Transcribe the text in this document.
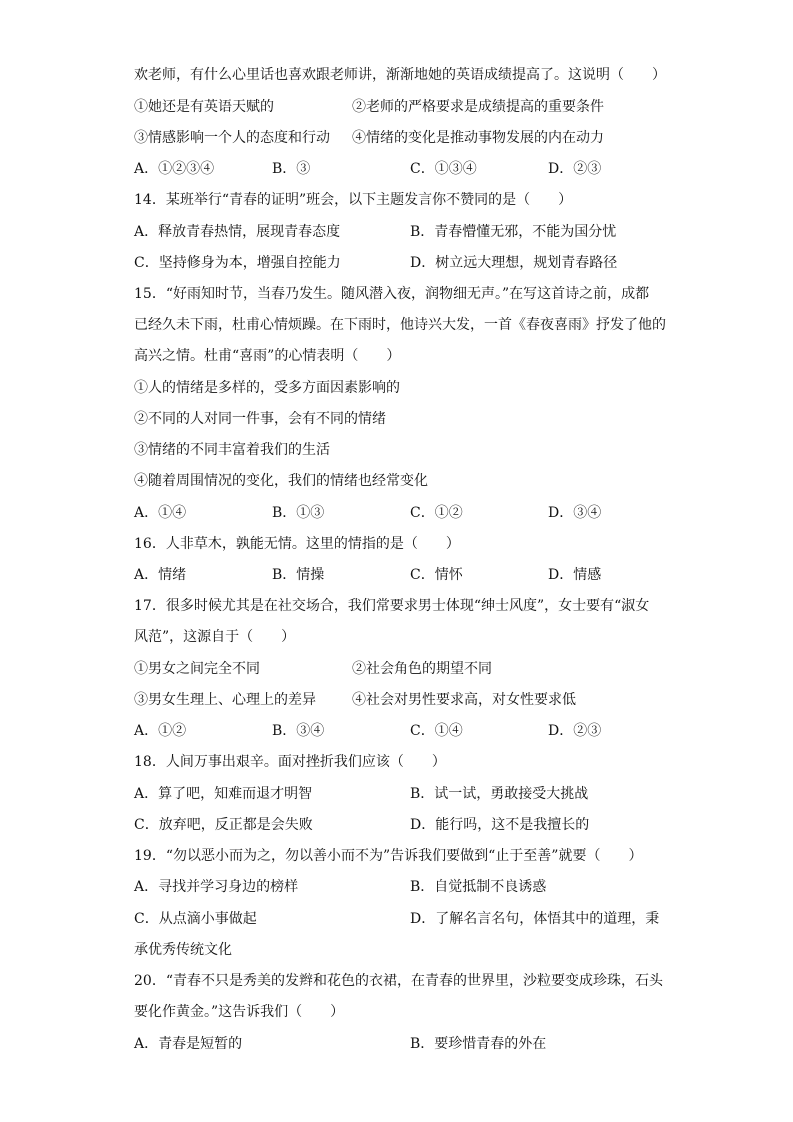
欢老师，有什么心里话也喜欢跟老师讲，渐渐地她的英语成绩提高了。这说明（　　）
①她还是有英语天赋的	②老师的严格要求是成绩提高的重要条件
③情感影响一个人的态度和行动 ④情绪的变化是推动事物发展的内在动力
A．①②③④	B．③	C．①③④	D．②③
14．某班举行“青春的证明”班会，以下主题发言你不赞同的是（　　）
A．释放青春热情，展现青春态度	B．青春懵懂无邪，不能为国分忧
C．坚持修身为本，增强自控能力	D．树立远大理想，规划青春路径
15．“好雨知时节，当春乃发生。随风潜入夜，润物细无声。”在写这首诗之前，成都
已经久未下雨，杜甫心情烦躁。在下雨时，他诗兴大发，一首《春夜喜雨》抒发了他的
高兴之情。杜甫“喜雨”的心情表明（　　）
①人的情绪是多样的，受多方面因素影响的
②不同的人对同一件事，会有不同的情绪
③情绪的不同丰富着我们的生活
④随着周围情况的变化，我们的情绪也经常变化
A．①④	B．①③	C．①②	D．③④
16．人非草木，孰能无情。这里的情指的是（　　）
A．情绪	B．情操	C．情怀	D．情感
17．很多时候尤其是在社交场合，我们常要求男士体现“绅士风度”，女士要有“淑女
风范”，这源自于（　　）
①男女之间完全不同	②社会角色的期望不同
③男女生理上、心理上的差异	④社会对男性要求高，对女性要求低
A．①②	B．③④	C．①④	D．②③
18．人间万事出艰辛。面对挫折我们应该（　　）
A．算了吧，知难而退才明智	B．试一试，勇敢接受大挑战
C．放弃吧，反正都是会失败	D．能行吗，这不是我擅长的
19．“勿以恶小而为之，勿以善小而不为”告诉我们要做到“止于至善”就要（　　）
A．寻找并学习身边的榜样	B．自觉抵制不良诱惑
C．从点滴小事做起	D．了解名言名句，体悟其中的道理，秉
承优秀传统文化
20．“青春不只是秀美的发辫和花色的衣裙，在青春的世界里，沙粒要变成珍珠，石头
要化作黄金。”这告诉我们（　　）
A．青春是短暂的	B．要珍惜青春的外在
